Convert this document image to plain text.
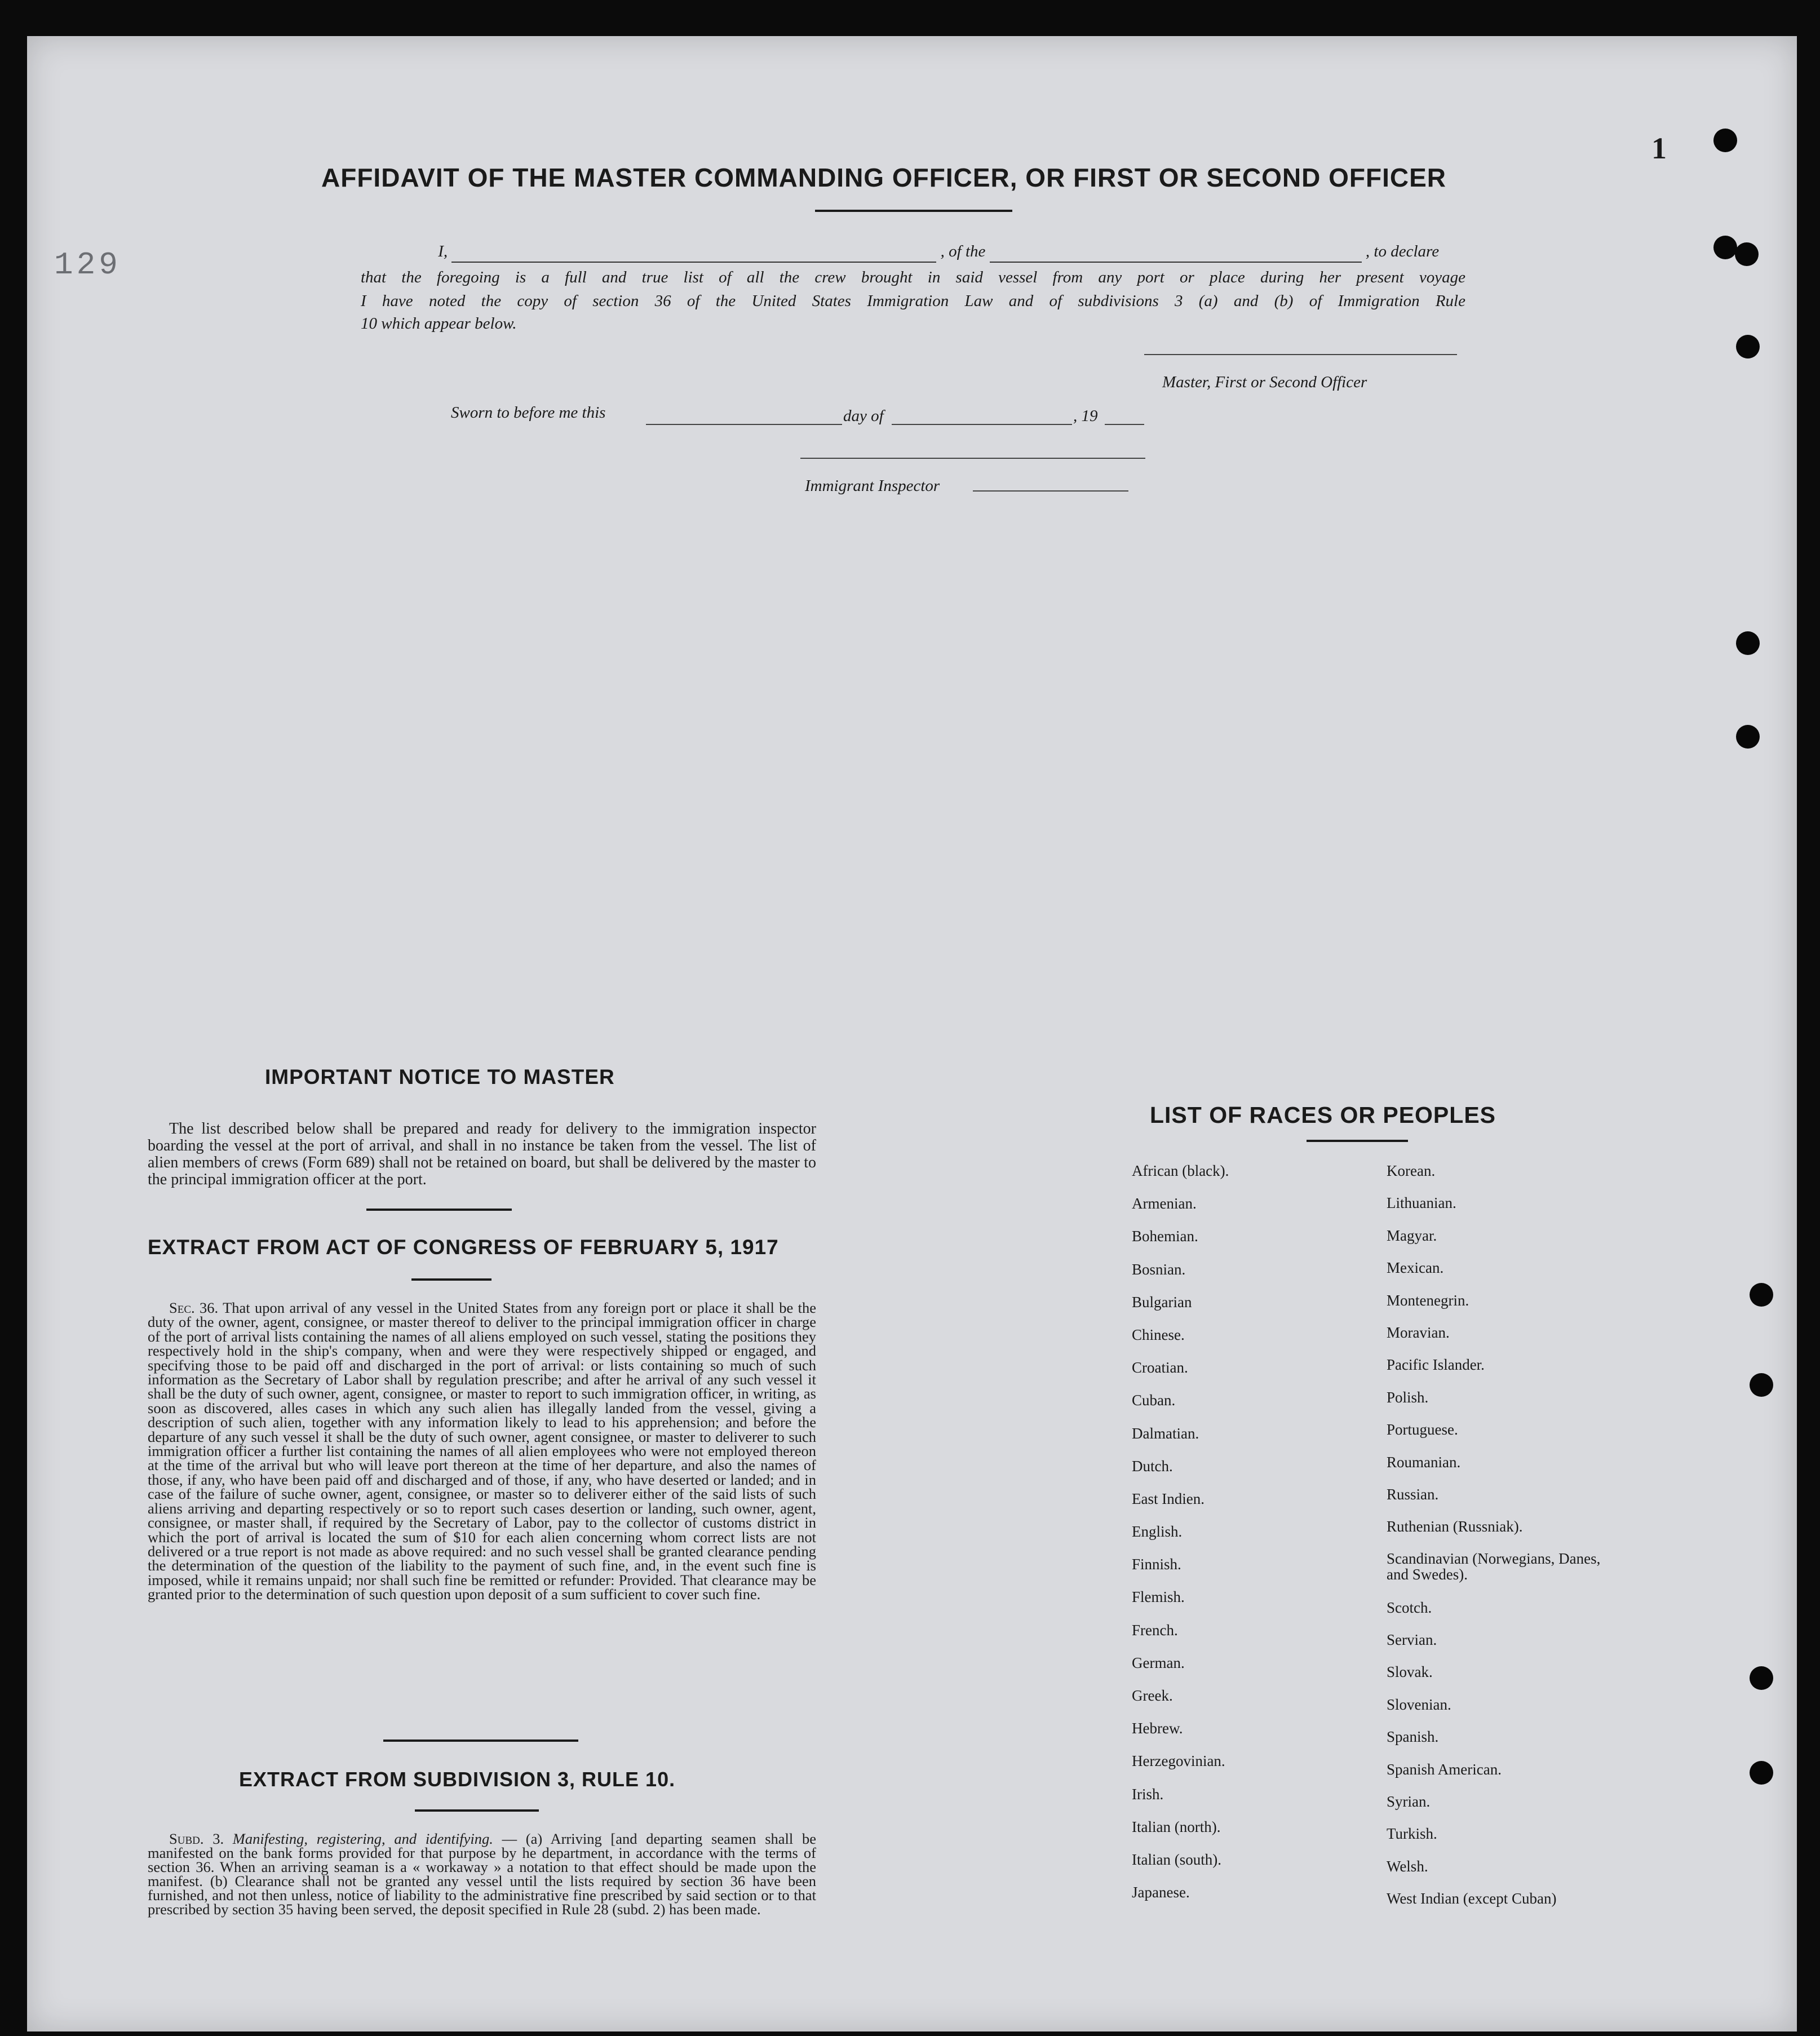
1
129
AFFIDAVIT OF THE MASTER COMMANDING OFFICER, OR FIRST OR SECOND OFFICER
I,	, of the	, to declare
that the foregoing is a full and true list of all the crew brought in said vessel from any port or place during her present voyage
I have noted the copy of section 36 of the United States Immigration Law and of subdivisions 3 (a) and (b) of Immigration Rule
10 which appear below.
Master, First or Second Officer
Sworn to before me this	day of	, 19
Immigrant Inspector
IMPORTANT NOTICE TO MASTER
The list described below shall be prepared and ready for delivery to the immigration inspector boarding the vessel at the port of arrival, and shall in no instance be taken from the vessel. The list of alien members of crews (Form 689) shall not be retained on board, but shall be delivered by the master to the principal immigration officer at the port.
EXTRACT FROM ACT OF CONGRESS OF FEBRUARY 5, 1917
Sec. 36. That upon arrival of any vessel in the United States from any foreign port or place it shall be the duty of the owner, agent, consignee, or master thereof to deliver to the principal immigration officer in charge of the port of arrival lists containing the names of all aliens employed on such vessel, stating the positions they respectively hold in the ship's company, when and were they were respectively shipped or engaged, and specifving those to be paid off and discharged in the port of arrival: or lists containing so much of such information as the Secretary of Labor shall by regulation prescribe; and after he arrival of any such vessel it shall be the duty of such owner, agent, consignee, or master to report to such immigration officer, in writing, as soon as discovered, alles cases in which any such alien has illegally landed from the vessel, giving a description of such alien, together with any information likely to lead to his apprehension; and before the departure of any such vessel it shall be the duty of such owner, agent consignee, or master to deliverer to such immigration officer a further list containing the names of all alien employees who were not employed thereon at the time of the arrival but who will leave port thereon at the time of her departure, and also the names of those, if any, who have been paid off and discharged and of those, if any, who have deserted or landed; and in case of the failure of suche owner, agent, consignee, or master so to deliverer either of the said lists of such aliens arriving and departing respectively or so to report such cases desertion or landing, such owner, agent, consignee, or master shall, if required by the Secretary of Labor, pay to the collector of customs district in which the port of arrival is located the sum of $10 for each alien concerning whom correct lists are not delivered or a true report is not made as above required: and no such vessel shall be granted clearance pending the determination of the question of the liability to the payment of such fine, and, in the event such fine is imposed, while it remains unpaid; nor shall such fine be remitted or refunder: Provided. That clearance may be granted prior to the determination of such question upon deposit of a sum sufficient to cover such fine.
EXTRACT FROM SUBDIVISION 3, RULE 10.
Subd. 3. Manifesting, registering, and identifying. — (a) Arriving [and departing seamen shall be manifested on the bank forms provided for that purpose by he department, in accordance with the terms of section 36. When an arriving seaman is a « workaway » a notation to that effect should be made upon the manifest. (b) Clearance shall not be granted any vessel until the lists required by section 36 have been furnished, and not then unless, notice of liability to the administrative fine prescribed by said section or to that prescribed by section 35 having been served, the deposit specified in Rule 28 (subd. 2) has been made.
LIST OF RACES OR PEOPLES
African (black).
Armenian.
Bohemian.
Bosnian.
Bulgarian
Chinese.
Croatian.
Cuban.
Dalmatian.
Dutch.
East Indien.
English.
Finnish.
Flemish.
French.
German.
Greek.
Hebrew.
Herzegovinian.
Irish.
Italian (north).
Italian (south).
Japanese.
Korean.
Lithuanian.
Magyar.
Mexican.
Montenegrin.
Moravian.
Pacific Islander.
Polish.
Portuguese.
Roumanian.
Russian.
Ruthenian (Russniak).
Scandinavian (Norwegians, Danes, and Swedes).
Scotch.
Servian.
Slovak.
Slovenian.
Spanish.
Spanish American.
Syrian.
Turkish.
Welsh.
West Indian (except Cuban)
